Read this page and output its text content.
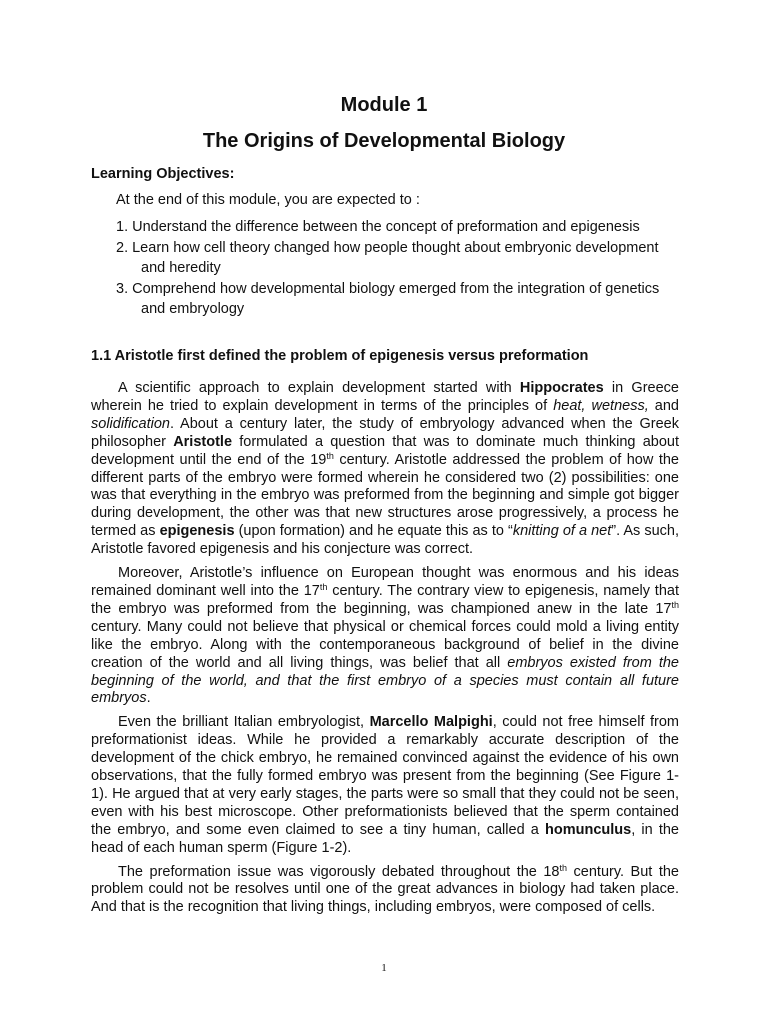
Module 1
The Origins of Developmental Biology
Learning Objectives:
At the end of this module, you are expected to :
1. Understand the difference between the concept of preformation and epigenesis
2. Learn how cell theory changed how people thought about embryonic development
and heredity
3. Comprehend how developmental biology emerged from the integration of genetics
and embryology
1.1 Aristotle first defined the problem of epigenesis versus preformation

A scientific approach to explain development started with Hippocrates in Greece wherein he tried to explain development in terms of the principles of heat, wetness, and solidification. About a century later, the study of embryology advanced when the Greek philosopher Aristotle formulated a question that was to dominate much thinking about development until the end of the 19th century. Aristotle addressed the problem of how the different parts of the embryo were formed wherein he considered two (2) possibilities: one was that everything in the embryo was preformed from the beginning and simple got bigger during development, the other was that new structures arose progressively, a process he termed as epigenesis (upon formation) and he equate this as to “knitting of a net”. As such, Aristotle favored epigenesis and his conjecture was correct.

Moreover, Aristotle’s influence on European thought was enormous and his ideas remained dominant well into the 17th century. The contrary view to epigenesis, namely that the embryo was preformed from the beginning, was championed anew in the late 17th century. Many could not believe that physical or chemical forces could mold a living entity like the embryo. Along with the contemporaneous background of belief in the divine creation of the world and all living things, was belief that all embryos existed from the beginning of the world, and that the first embryo of a species must contain all future embryos.

Even the brilliant Italian embryologist, Marcello Malpighi, could not free himself from preformationist ideas. While he provided a remarkably accurate description of the development of the chick embryo, he remained convinced against the evidence of his own observations, that the fully formed embryo was present from the beginning (See Figure 1-1). He argued that at very early stages, the parts were so small that they could not be seen, even with his best microscope. Other preformationists believed that the sperm contained the embryo, and some even claimed to see a tiny human, called a homunculus, in the head of each human sperm (Figure 1-2).

The preformation issue was vigorously debated throughout the 18th century. But the problem could not be resolves until one of the great advances in biology had taken place. And that is the recognition that living things, including embryos, were composed of cells.

1
